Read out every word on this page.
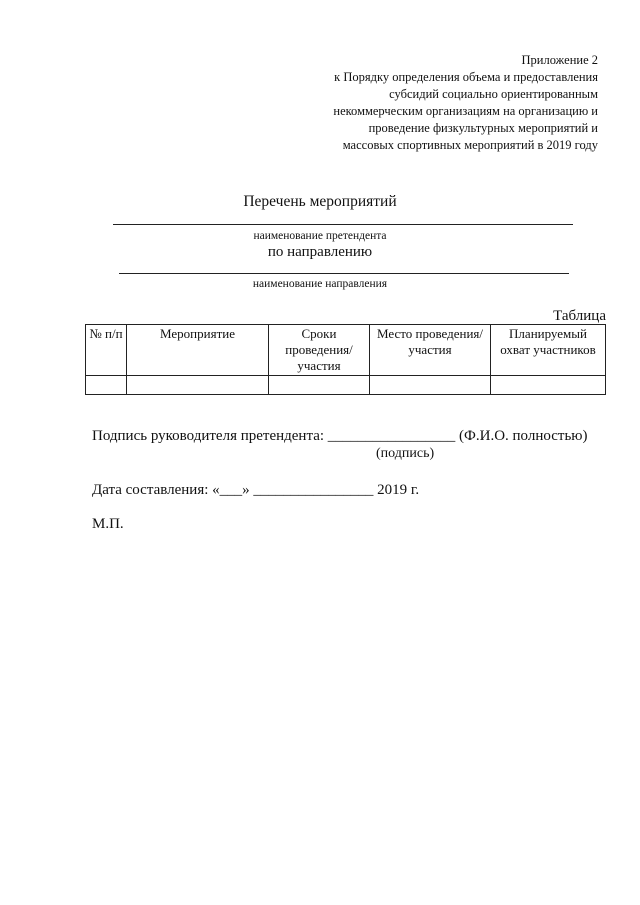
Приложение 2
к Порядку определения объема и предоставления
субсидий социально ориентированным
некоммерческим организациям на организацию и
проведение физкультурных мероприятий и
массовых спортивных мероприятий в 2019 году
Перечень мероприятий
наименование претендента
по направлению
наименование направления
Таблица
№ п/п	Мероприятие	Сроки проведения/ участия	Место проведения/ участия	Планируемый охват участников

Подпись руководителя претендента: _________________ (Ф.И.О. полностью)
(подпись)
Дата составления: «___» ________________ 2019 г.
М.П.
